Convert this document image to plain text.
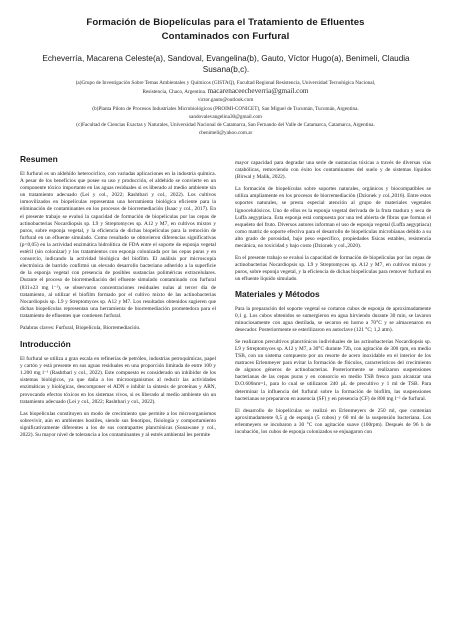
Formación de Biopelículas para el Tratamiento de Efluentes
Contaminados con Furfural
Echeverría, Macarena Celeste(a), Sandoval, Evangelina(b), Gauto, Víctor Hugo(a), Benimeli, Claudia
Susana(b,c).
(a)Grupo de Investigación Sobre Temas Ambientales y Químicos (GISTAQ), Facultad Regional Resistencia, Universidad Tecnológica Nacional,
Resistencia, Chaco, Argentina. macarenaceecheverria@gmail.com
victor.gauto@outlook.com
(b)Planta Piloto de Procesos Industriales Microbiológicos (PROIMI-CONICET), San Miguel de Tucumán, Tucumán, Argentina.
sandovalevangelina30@gmail.com
(c)Facultad de Ciencias Exactas y Naturales, Universidad Nacional de Catamarca, San Fernando del Valle de Catamarca, Catamarca, Argentina.
cbenimeli@yahoo.com.ar
Resumen

El furfural es un aldehído heterocíclico, con variadas aplicaciones en la industria química. A pesar de los beneficios que posee su uso y producción, el aldehído se convierte en un componente tóxico importante en las aguas residuales si es liberado al medio ambiente sin un tratamiento adecuado (Lei y col., 2022; Rashtbari y col., 2022). Los cultivos inmovilizados en biopelículas representan una herramienta biológica eficiente para la eliminación de contaminantes en los procesos de biorremediación (Isaac y col., 2017). En el presente trabajo se evaluó la capacidad de formación de biopelículas por las cepas de actinobacterias Nocardiopsis sp. L9 y Streptomyces sp. A12 y M7, en cultivos mixtos y puros, sobre esponja vegetal, y la eficiencia de dichas biopelículas para la remoción de furfural en un efluente simulado. Como resultado se obtuvieron diferencias significativas (p<0,05) en la actividad enzimática hidrolítica de FDA entre el soporte de esponja vegetal estéril (sin colonizar) y los tratamientos con esponja colonizada por las cepas puras y en consorcio, indicando la actividad biológica del biofilm. El análisis por microscopía electrónica de barrido confirmó un elevado desarrollo bacteriano adherido a la superficie de la esponja vegetal con presencia de posibles sustancias poliméricas extracelulares. Durante el proceso de biorremediación del efluente simulado contaminado con furfural (831±23 mg l⁻¹), se observaron concentraciones residuales nulas al tercer día de tratamiento, al utilizar el biofilm formado por el cultivo mixto de las actinobacterias Nocardiopsis sp. L9 y Streptomyces sp. A12 y M7. Los resultados obtenidos sugieren que dichas biopelículas representan una herramienta de biorremediación prometedora para el tratamiento de efluentes que contienen furfural.

Palabras claves: Furfural, Biopelícula, Biorremediación.

Introducción

El furfural se utiliza a gran escala en refinerías de petróleo, industrias petroquímicas, papel y cartón y está presente en sus aguas residuales en una proporción limitada de entre 100 y 1.200 mg l⁻¹ (Rashtbari y col., 2022). Este compuesto es considerado un inhibidor de los sistemas biológicos, ya que daña a los microorganismos al reducir las actividades enzimáticas y biológicas, descomponer el ADN e inhibir la síntesis de proteínas y ARN, provocando efectos tóxicos en los sistemas vivos, si es liberado al medio ambiente sin un tratamiento adecuado (Lei y col., 2022; Rashtbari y col., 2022).

Las biopelículas constituyen un modo de crecimiento que permite a los microorganismos sobrevivir, aún en ambientes hostiles, siendo sus fenotipos, fisiología y comportamiento significativamente diferentes a los de sus contrapartes planctónicas (Sonawane y col., 2022). Su mayor nivel de tolerancia a los contaminantes y al estrés ambiental les permite

mayor capacidad para degradar una serie de sustancias tóxicas a través de diversas vías catabólicas, removiendo con éxito los contaminantes del suelo y de sistemas líquidos (Birwal y Malik, 2022).

La formación de biopelículas sobre soportes naturales, orgánicos y biocompatibles se utiliza ampliamente en los procesos de biorremediación (Dzionek y col.,2016). Entre estos soportes naturales, se presta especial atención al grupo de materiales vegetales lignocelulósicos. Uno de ellos es la esponja vegetal derivada de la fruta madura y seca de Luffa aegyptiaca. Esta esponja está compuesta por una red abierta de fibras que forman el esqueleto del fruto. Diversos autores informan el uso de esponja vegetal (Luffa aegyptiaca) como matriz de soporte efectiva para el desarrollo de biopelículas microbianas debido a su alto grado de porosidad, bajo peso específico, propiedades físicas estables, resistencia mecánica, no toxicidad y bajo costo (Dzionek y col.,2020).

En el presente trabajo se evaluó la capacidad de formación de biopelículas por las cepas de actinobacterias Nocardiopsis sp. L9 y Streptomyces sp. A12 y M7, en cultivos mixtos y puros, sobre esponja vegetal, y la eficiencia de dichas biopelículas para remover furfural en un efluente líquido simulado.

Materiales y Métodos

Para la preparación del soporte vegetal se cortaron cubos de esponja de aproximadamente 0,1 g. Los cubos obtenidos se sumergieron en agua hirviendo durante 30 min, se lavaron minuciosamente con agua destilada, se secaron en horno a 70°C y se almacenaron en desecador. Posteriormente se esterilizaron en autoclave (121 °C; 1,2 atm).

Se realizaron precultivos planctónicos individuales de las actinobacterias Nocardiopsis sp. L9 y Streptomyces sp. A12 y M7, a 30°C durante 72h, con agitación de 300 rpm, en medio TSB, con un sistema compuesto por un resorte de acero inoxidable en el interior de los matraces Erlenmeyer para evitar la formación de flóculos, característicos del crecimiento de algunos géneros de actinobacterias. Posteriormente se realizaron suspensiones bacterianas de las cepas puras y en consorcio en medio TSB fresco para alcanzar una D.O.600nm=1, para lo cual se utilizaron 240 µL de precultivo y 1 ml de TSB. Para determinar la influencia del furfural sobre la formación de biofilm, las suspensiones bacterianas se prepararon en ausencia (SF) y en presencia (CF) de 800 mg l⁻¹ de furfural.

El desarrollo de biopelículas se realizó en Erlenmeyers de 250 ml, que contenían aproximadamente 0,5 g de esponja (5 cubos) y 60 ml de la suspensión bacteriana. Los erlenmeyers se incubaron a 30 °C con agitación suave (100rpm). Después de 96 h de incubación, los cubos de esponja colonizados se enjuagaron con
